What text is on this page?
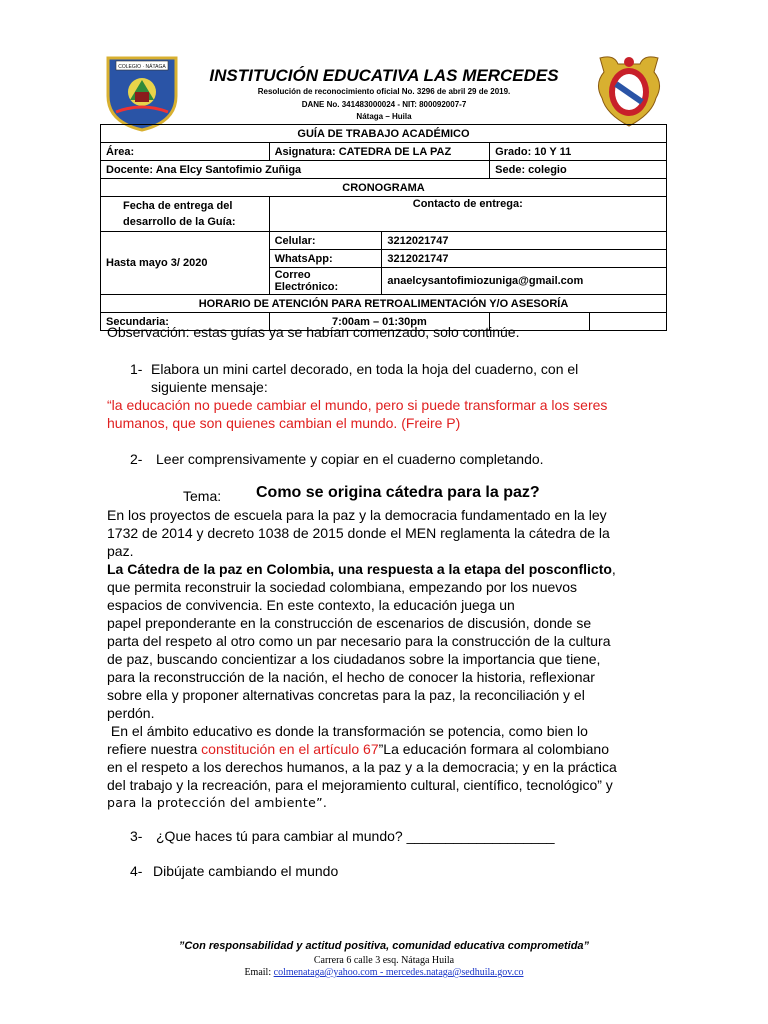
COLEGIO · NÁTAGA	INSTITUCIÓN EDUCATIVA LAS MERCEDES
Resolución de reconocimiento oficial No. 3296 de abril 29 de 2019.
DANE No. 341483000024 - NIT: 800092007-7
Nátaga – Huila
GUÍA DE TRABAJO ACADÉMICO				
Área:	Asignatura: CATEDRA DE LA PAZ		Grado: 10 Y 11	
Docente: Ana Elcy Santofimio Zuñiga			Sede: colegio	
CRONOGRAMA				
Fecha de entrega del desarrollo de la Guía:	Contacto de entrega:			
Hasta mayo 3/ 2020	Celular:	3212021747		
	WhatsApp:	3212021747		
	Correo Electrónico:	anaelcysantofimiozuniga@gmail.com		
HORARIO DE ATENCIÓN PARA RETROALIMENTACIÓN Y/O ASESORÍA				
Secundaria:	7:00am – 01:30pm			
Observación: estas guías ya se habían comenzado, solo continúe.
1- Elabora un mini cartel decorado, en toda la hoja del cuaderno, con el
siguiente mensaje:
“la educación no puede cambiar el mundo, pero si puede transformar a los seres
humanos, que son quienes cambian el mundo. (Freire P)
2- Leer comprensivamente y copiar en el cuaderno completando.
Tema:	Como se origina cátedra para la paz?
En los proyectos de escuela para la paz y la democracia fundamentado en la ley
1732 de 2014 y decreto 1038 de 2015 donde el MEN reglamenta la cátedra de la
paz.
La Cátedra de la paz en Colombia, una respuesta a la etapa del posconflicto,
que permita reconstruir la sociedad colombiana, empezando por los nuevos
espacios de convivencia. En este contexto, la educación juega un
papel preponderante en la construcción de escenarios de discusión, donde se
parta del respeto al otro como un par necesario para la construcción de la cultura
de paz, buscando concientizar a los ciudadanos sobre la importancia que tiene,
para la reconstrucción de la nación, el hecho de conocer la historia, reflexionar
sobre ella y proponer alternativas concretas para la paz, la reconciliación y el
perdón.
En el ámbito educativo es donde la transformación se potencia, como bien lo
refiere nuestra constitución en el artículo 67”La educación formara al colombiano
en el respeto a los derechos humanos, a la paz y a la democracia; y en la práctica
del trabajo y la recreación, para el mejoramiento cultural, científico, tecnológico” y
para la protección del ambiente”.
3- ¿Que haces tú para cambiar al mundo? ___________________
4- Dibújate cambiando el mundo
”Con responsabilidad y actitud positiva, comunidad educativa comprometida”
Carrera 6 calle 3 esq. Nátaga Huila
Email: colmenataga@yahoo.com - mercedes.nataga@sedhuila.gov.co
